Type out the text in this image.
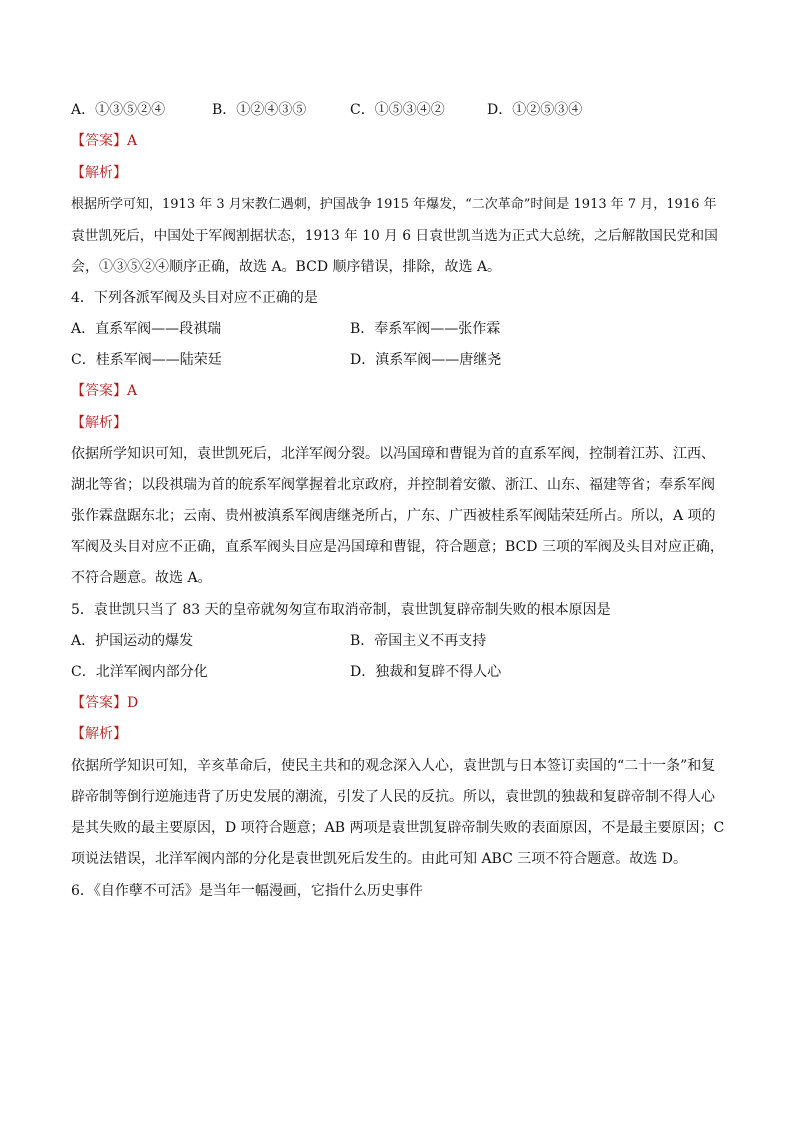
A．①③⑤②④	B．①②④③⑤	C．①⑤③④②	D．①②⑤③④
【答案】A
【解析】
根据所学可知，1913 年 3 月宋教仁遇刺，护国战争 1915 年爆发，“二次革命”时间是 1913 年 7 月，1916 年
袁世凯死后，中国处于军阀割据状态，1913 年 10 月 6 日袁世凯当选为正式大总统，之后解散国民党和国
会，①③⑤②④顺序正确，故选 A。BCD 顺序错误，排除，故选 A。
4．下列各派军阀及头目对应不正确的是
A．直系军阀——段祺瑞	B．奉系军阀——张作霖
C．桂系军阀——陆荣廷	D．滇系军阀——唐继尧
【答案】A
【解析】
依据所学知识可知，袁世凯死后，北洋军阀分裂。以冯国璋和曹锟为首的直系军阀，控制着江苏、江西、
湖北等省；以段祺瑞为首的皖系军阀掌握着北京政府，并控制着安徽、浙江、山东、福建等省；奉系军阀
张作霖盘踞东北；云南、贵州被滇系军阀唐继尧所占，广东、广西被桂系军阀陆荣廷所占。所以，A 项的
军阀及头目对应不正确，直系军阀头目应是冯国璋和曹锟，符合题意；BCD 三项的军阀及头目对应正确，
不符合题意。故选 A。
5．袁世凯只当了 83 天的皇帝就匆匆宣布取消帝制，袁世凯复辟帝制失败的根本原因是
A．护国运动的爆发	B．帝国主义不再支持
C．北洋军阀内部分化	D．独裁和复辟不得人心
【答案】D
【解析】
依据所学知识可知，辛亥革命后，使民主共和的观念深入人心，袁世凯与日本签订卖国的“二十一条”和复
辟帝制等倒行逆施违背了历史发展的潮流，引发了人民的反抗。所以，袁世凯的独裁和复辟帝制不得人心
是其失败的最主要原因，D 项符合题意；AB 两项是袁世凯复辟帝制失败的表面原因，不是最主要原因；C
项说法错误，北洋军阀内部的分化是袁世凯死后发生的。由此可知 ABC 三项不符合题意。故选 D。
6．《自作孽不可活》是当年一幅漫画，它指什么历史事件
